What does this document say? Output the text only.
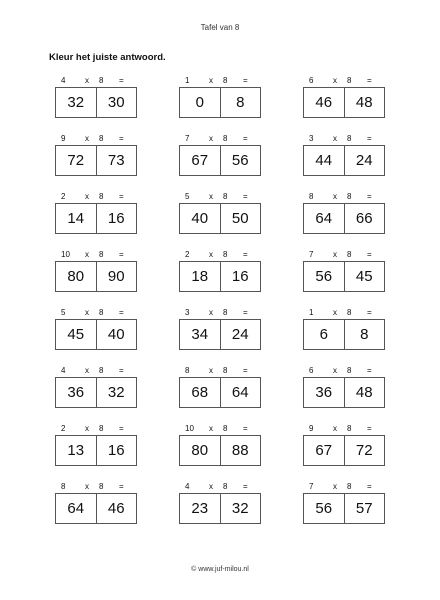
Tafel van 8
Kleur het juiste antwoord.
4 x 8 =
32	30
1 x 8 =
0	8
6 x 8 =
46	48
9 x 8 =
72	73
7 x 8 =
67	56
3 x 8 =
44	24
2 x 8 =
14	16
5 x 8 =
40	50
8 x 8 =
64	66
10 x 8 =
80	90
2 x 8 =
18	16
7 x 8 =
56	45
5 x 8 =
45	40
3 x 8 =
34	24
1 x 8 =
6	8
4 x 8 =
36	32
8 x 8 =
68	64
6 x 8 =
36	48
2 x 8 =
13	16
10 x 8 =
80	88
9 x 8 =
67	72
8 x 8 =
64	46
4 x 8 =
23	32
7 x 8 =
56	57
© www.juf-milou.nl
